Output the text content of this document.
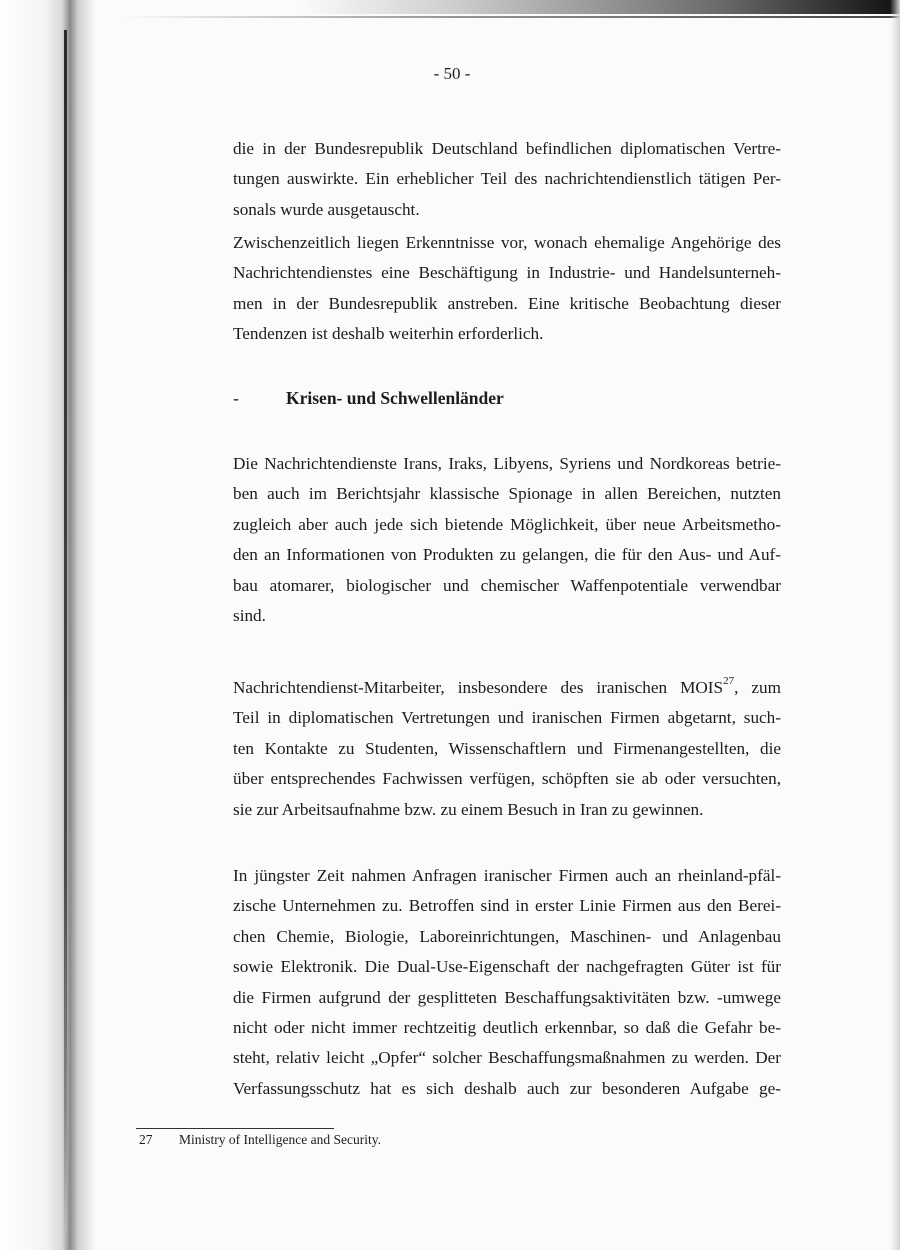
- 50 -
die in der Bundesrepublik Deutschland befindlichen diplomatischen Vertre-
tungen auswirkte. Ein erheblicher Teil des nachrichtendienstlich tätigen Per-
sonals wurde ausgetauscht.
Zwischenzeitlich liegen Erkenntnisse vor, wonach ehemalige Angehörige des
Nachrichtendienstes eine Beschäftigung in Industrie- und Handelsunterneh-
men in der Bundesrepublik anstreben. Eine kritische Beobachtung dieser
Tendenzen ist deshalb weiterhin erforderlich.
-	Krisen- und Schwellenländer
Die Nachrichtendienste Irans, Iraks, Libyens, Syriens und Nordkoreas betrie-
ben auch im Berichtsjahr klassische Spionage in allen Bereichen, nutzten
zugleich aber auch jede sich bietende Möglichkeit, über neue Arbeitsmetho-
den an Informationen von Produkten zu gelangen, die für den Aus- und Auf-
bau atomarer, biologischer und chemischer Waffenpotentiale verwendbar
sind.
Nachrichtendienst-Mitarbeiter, insbesondere des iranischen MOIS$^{27}$, zum
Teil in diplomatischen Vertretungen und iranischen Firmen abgetarnt, such-
ten Kontakte zu Studenten, Wissenschaftlern und Firmenangestellten, die
über entsprechendes Fachwissen verfügen, schöpften sie ab oder versuchten,
sie zur Arbeitsaufnahme bzw. zu einem Besuch in Iran zu gewinnen.
In jüngster Zeit nahmen Anfragen iranischer Firmen auch an rheinland-pfäl-
zische Unternehmen zu. Betroffen sind in erster Linie Firmen aus den Berei-
chen Chemie, Biologie, Laboreinrichtungen, Maschinen- und Anlagenbau
sowie Elektronik. Die Dual-Use-Eigenschaft der nachgefragten Güter ist für
die Firmen aufgrund der gesplitteten Beschaffungsaktivitäten bzw. -umwege
nicht oder nicht immer rechtzeitig deutlich erkennbar, so daß die Gefahr be-
steht, relativ leicht „Opfer“ solcher Beschaffungsmaßnahmen zu werden. Der
Verfassungsschutz hat es sich deshalb auch zur besonderen Aufgabe ge-
27 Ministry of Intelligence and Security.
